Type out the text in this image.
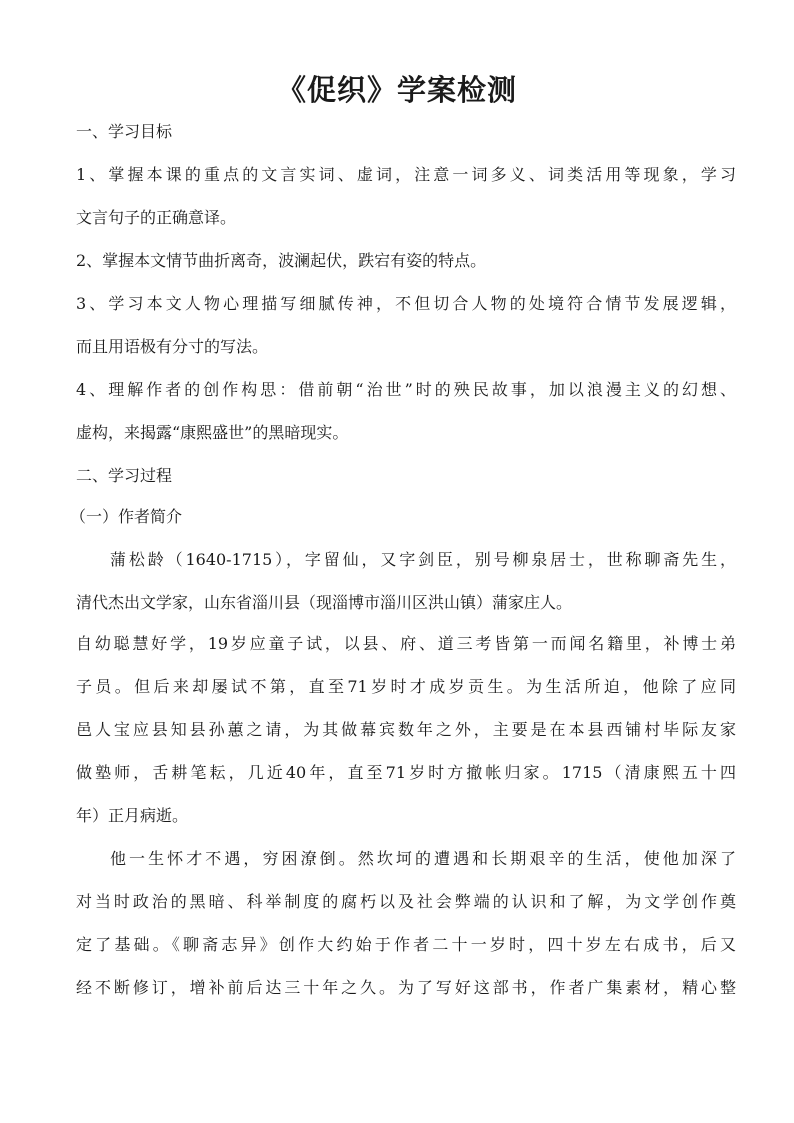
《促织》学案检测

一、学习目标

1、掌握本课的重点的文言实词、虚词，注意一词多义、词类活用等现象，学习

文言句子的正确意译。

2、掌握本文情节曲折离奇，波澜起伏，跌宕有姿的特点。

3、学习本文人物心理描写细腻传神，不但切合人物的处境符合情节发展逻辑，

而且用语极有分寸的写法。

4、理解作者的创作构思：借前朝“治世”时的殃民故事，加以浪漫主义的幻想、

虚构，来揭露“康熙盛世”的黑暗现实。

二、学习过程

（一）作者简介

蒲松龄（1640-1715），字留仙，又字剑臣，别号柳泉居士，世称聊斋先生，

清代杰出文学家，山东省淄川县（现淄博市淄川区洪山镇）蒲家庄人。

自幼聪慧好学，19岁应童子试，以县、府、道三考皆第一而闻名籍里，补博士弟

子员。但后来却屡试不第，直至71岁时才成岁贡生。为生活所迫，他除了应同

邑人宝应县知县孙蕙之请，为其做幕宾数年之外，主要是在本县西铺村毕际友家

做塾师，舌耕笔耘，几近40年，直至71岁时方撤帐归家。1715（清康熙五十四

年）正月病逝。

他一生怀才不遇，穷困潦倒。然坎坷的遭遇和长期艰辛的生活，使他加深了

对当时政治的黑暗、科举制度的腐朽以及社会弊端的认识和了解，为文学创作奠

定了基础。《聊斋志异》创作大约始于作者二十一岁时，四十岁左右成书，后又

经不断修订，增补前后达三十年之久。为了写好这部书，作者广集素材，精心整
